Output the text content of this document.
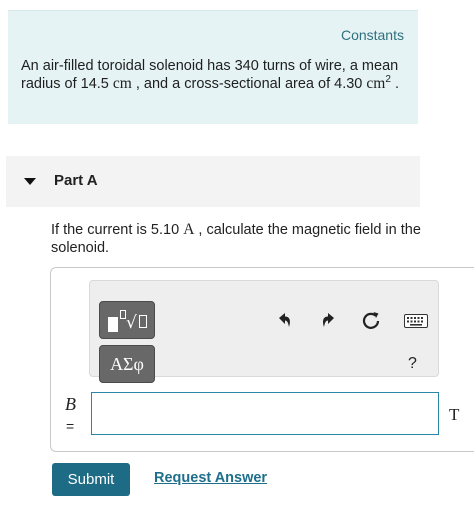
Constants

An air-filled toroidal solenoid has 340 turns of wire, a mean radius of 14.5 cm , and a cross-sectional area of 4.30 $cm^2$ .

Part A

If the current is 5.10 A , calculate the magnetic field in the solenoid.

√
ΑΣφ	?
B
=
T
Submit	Request Answer
